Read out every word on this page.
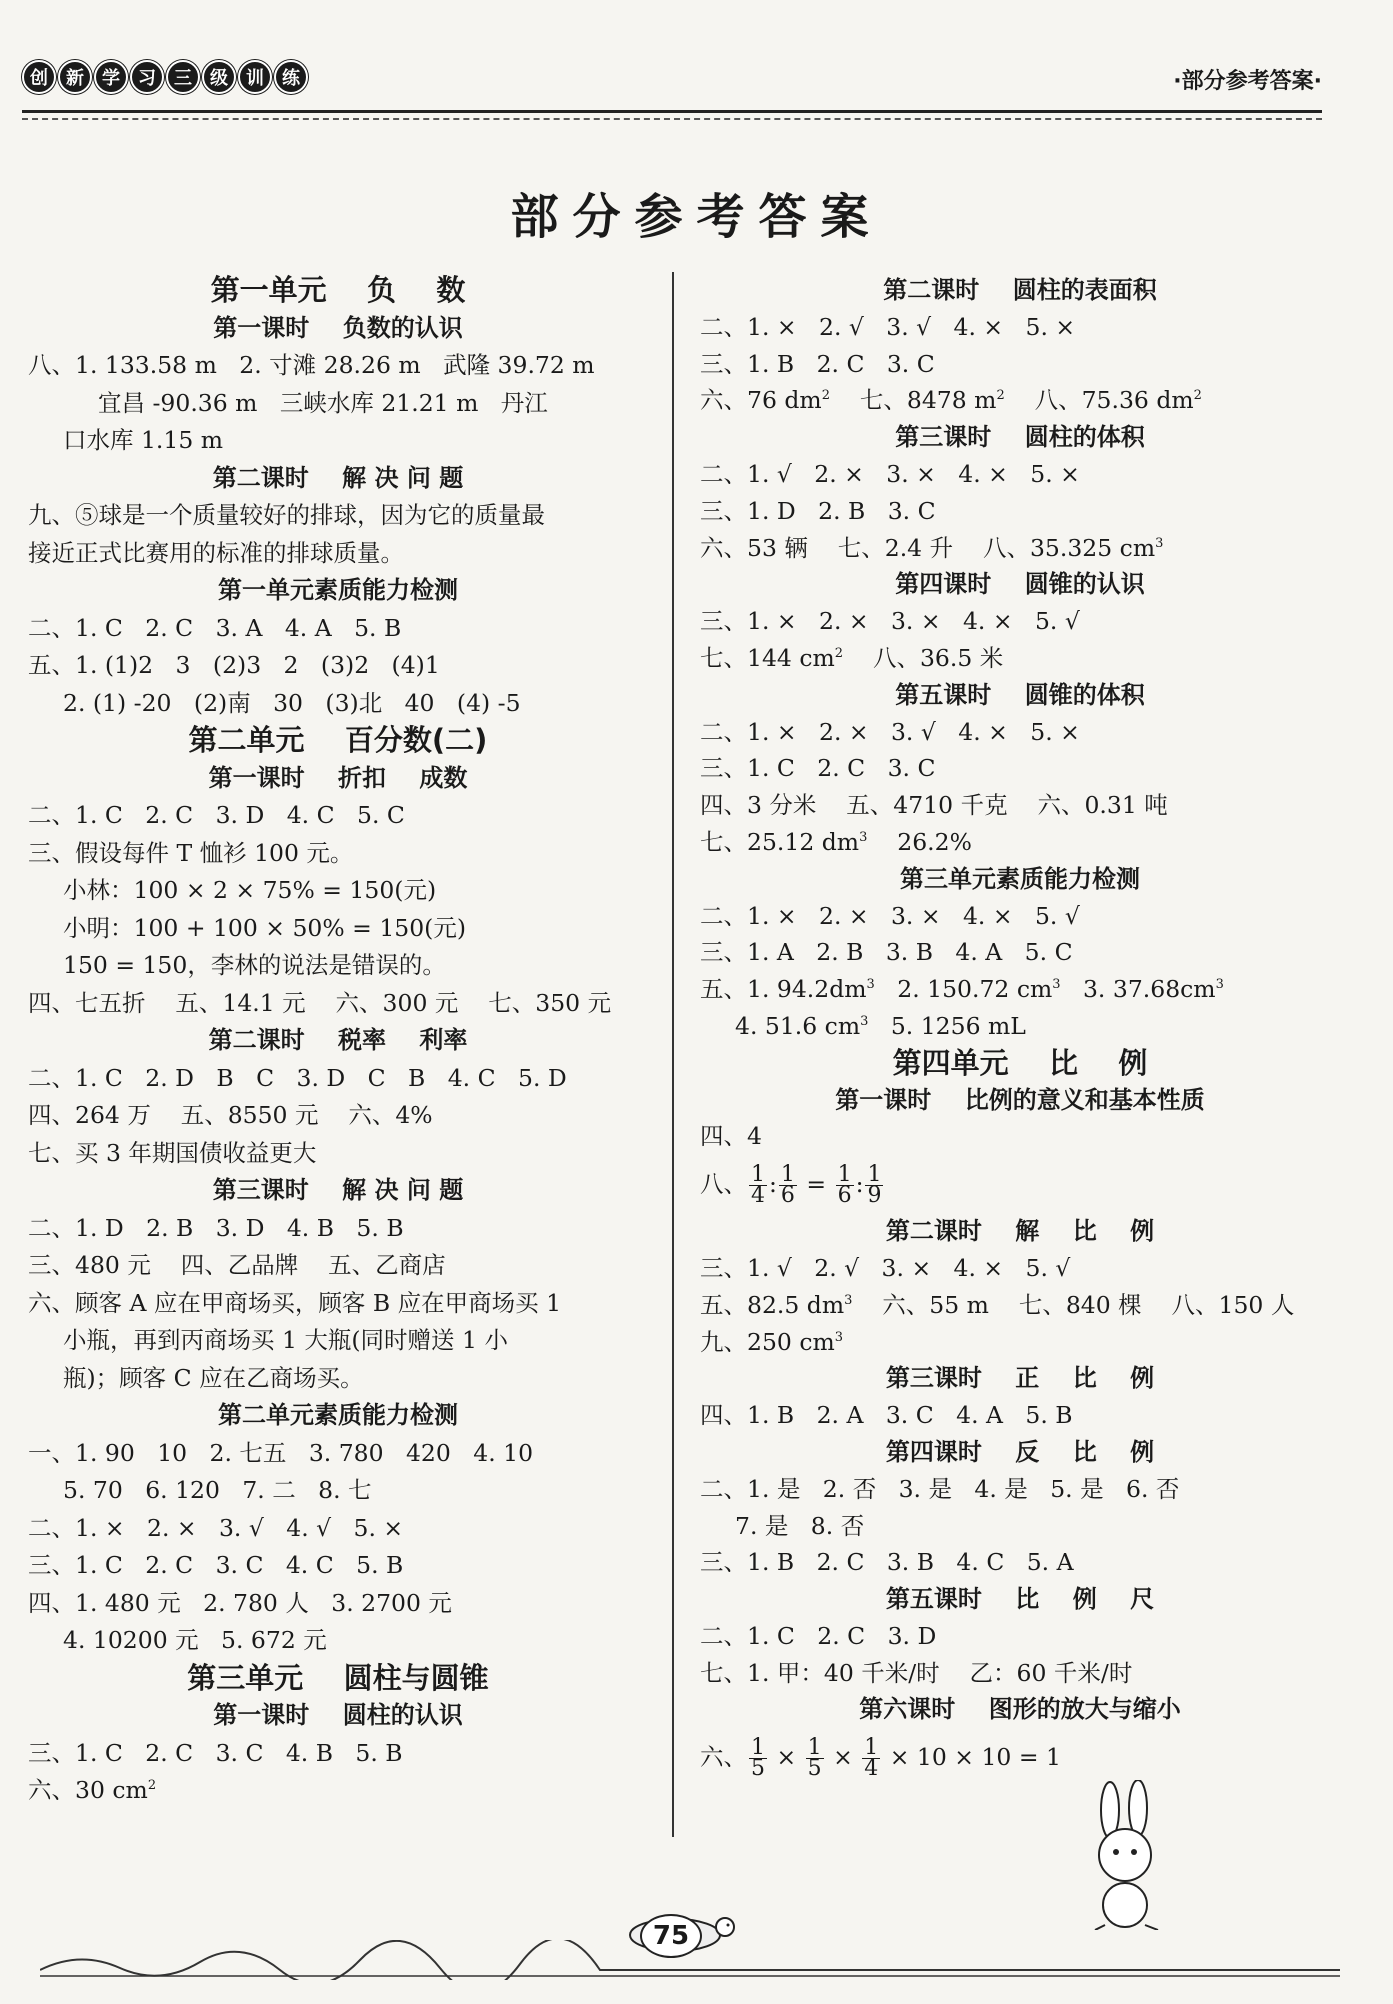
创	新	学	习	三	级	训	练	·部分参考答案·
部分参考答案
第一单元    负    数
第一课时    负数的认识
八、1. 133.58 m   2. 寸滩 28.26 m   武隆 39.72 m
宜昌 -90.36 m   三峡水库 21.21 m   丹江
口水库 1.15 m
第二课时    解 决 问 题
九、⑤球是一个质量较好的排球，因为它的质量最
接近正式比赛用的标准的排球质量。
第一单元素质能力检测
二、1. C   2. C   3. A   4. A   5. B
五、1. (1)2   3   (2)3   2   (3)2   (4)1
2. (1) -20   (2)南   30   (3)北   40   (4) -5
第二单元    百分数(二)
第一课时    折扣    成数
二、1. C   2. C   3. D   4. C   5. C
三、假设每件 T 恤衫 100 元。
小林：100 × 2 × 75% = 150(元)
小明：100 + 100 × 50% = 150(元)
150 = 150，李林的说法是错误的。
四、七五折    五、14.1 元    六、300 元    七、350 元
第二课时    税率    利率
二、1. C   2. D   B   C   3. D   C   B   4. C   5. D
四、264 万    五、8550 元    六、4%
七、买 3 年期国债收益更大
第三课时    解 决 问 题
二、1. D   2. B   3. D   4. B   5. B
三、480 元    四、乙品牌    五、乙商店
六、顾客 A 应在甲商场买，顾客 B 应在甲商场买 1
小瓶，再到丙商场买 1 大瓶(同时赠送 1 小
瓶)；顾客 C 应在乙商场买。
第二单元素质能力检测
一、1. 90   10   2. 七五   3. 780   420   4. 10
5. 70   6. 120   7. 二   8. 七
二、1. ×   2. ×   3. √   4. √   5. ×
三、1. C   2. C   3. C   4. C   5. B
四、1. 480 元   2. 780 人   3. 2700 元
4. 10200 元   5. 672 元
第三单元    圆柱与圆锥
第一课时    圆柱的认识
三、1. C   2. C   3. C   4. B   5. B
六、30 $cm^2$
第二课时    圆柱的表面积
二、1. ×   2. √   3. √   4. ×   5. ×
三、1. B   2. C   3. C
六、76 $dm^2$    七、8478 $m^2$    八、75.36 $dm^2$
第三课时    圆柱的体积
二、1. √   2. ×   3. ×   4. ×   5. ×
三、1. D   2. B   3. C
六、53 辆    七、2.4 升    八、35.325 $cm^3$
第四课时    圆锥的认识
三、1. ×   2. ×   3. ×   4. ×   5. √
七、144 $cm^2$    八、36.5 米
第五课时    圆锥的体积
二、1. ×   2. ×   3. √   4. ×   5. ×
三、1. C   2. C   3. C
四、3 分米    五、4710 千克    六、0.31 吨
七、25.12 $dm^3$    26.2%
第三单元素质能力检测
二、1. ×   2. ×   3. ×   4. ×   5. √
三、1. A   2. B   3. B   4. A   5. C
五、1. $94.2dm^3$   2. 150.72 $cm^3$   3. $37.68cm^3$
4. 51.6 $cm^3$   5. 1256 mL
第四单元    比    例
第一课时    比例的意义和基本性质
四、4
八、 $\frac{1}{4}$ : $\frac{1}{6} = \frac{1}{6}$ : $\frac{1}{9}$
第二课时    解    比    例
三、1. √   2. √   3. ×   4. ×   5. √
五、82.5 $dm^3$    六、55 m    七、840 棵    八、150 人
九、250 $cm^3$
第三课时    正    比    例
四、1. B   2. A   3. C   4. A   5. B
第四课时    反    比    例
二、1. 是   2. 否   3. 是   4. 是   5. 是   6. 否
7. 是   8. 否
三、1. B   2. C   3. B   4. C   5. A
第五课时    比    例    尺
二、1. C   2. C   3. D
七、1. 甲：40 千米/时    乙：60 千米/时
第六课时    图形的放大与缩小
六、 $\frac{1}{5} \times \frac{1}{5} \times \frac{1}{4} \times 10 \times 10 = 1$
75
